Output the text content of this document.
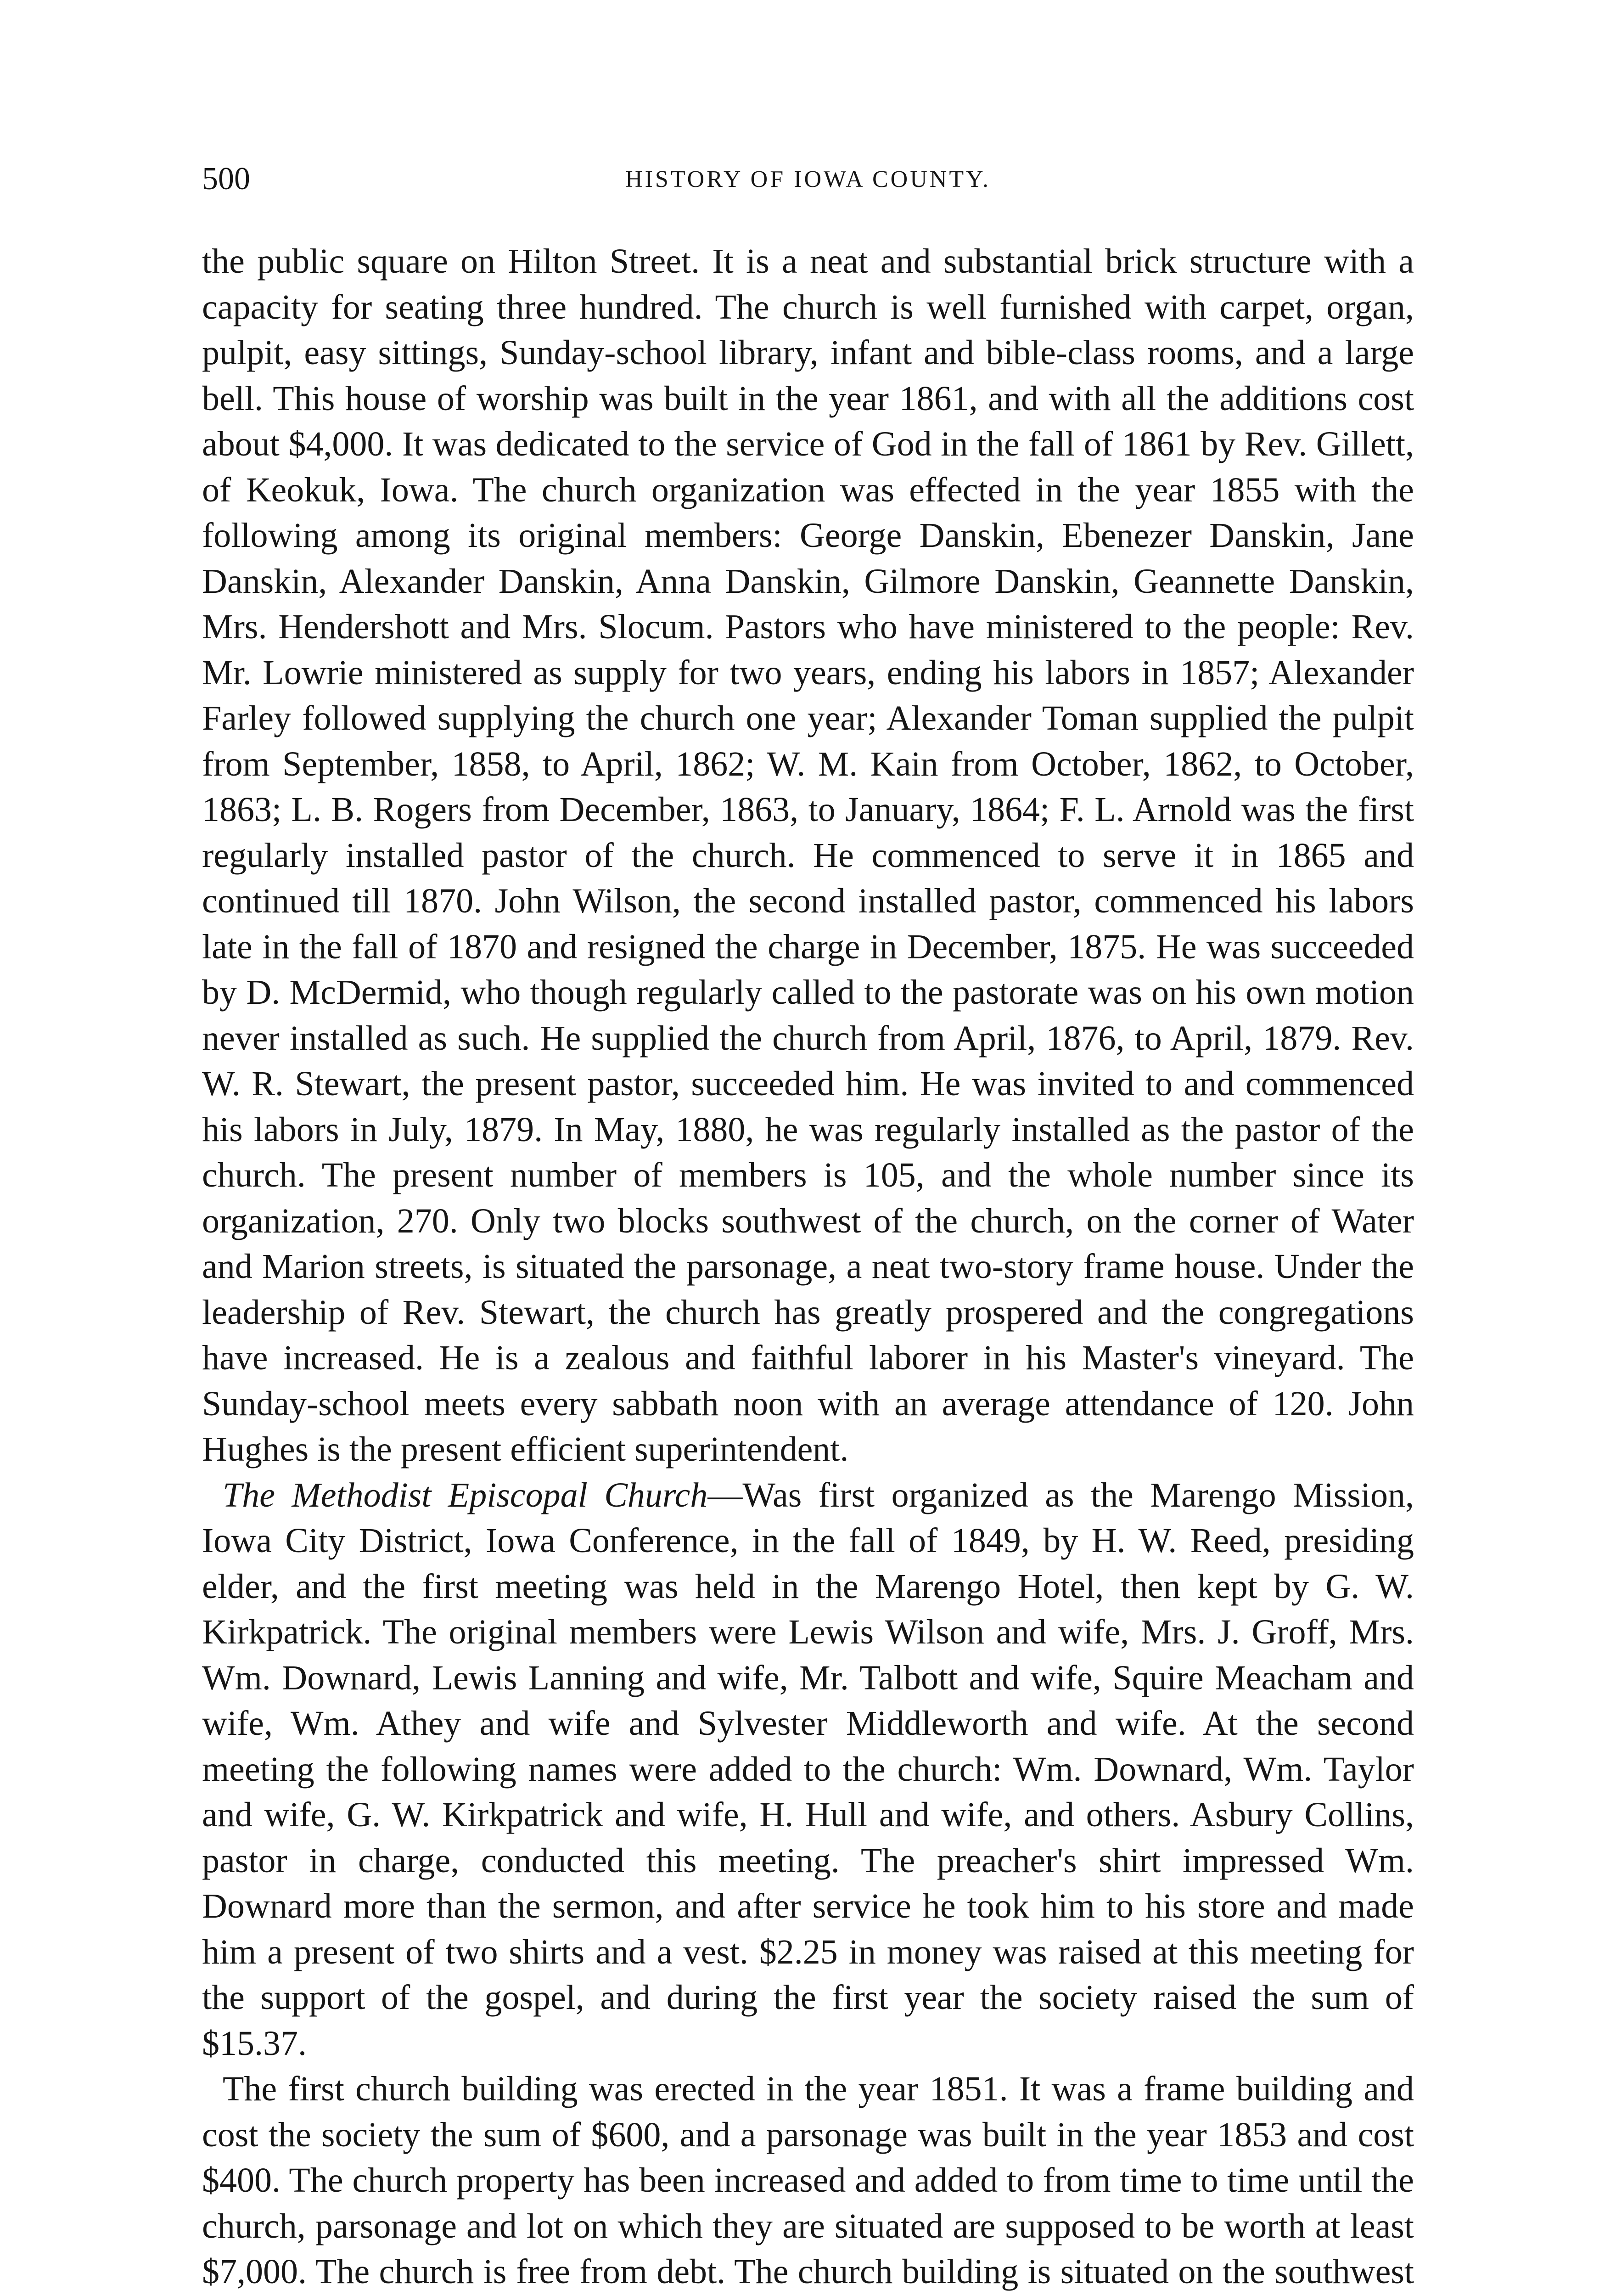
500	HISTORY OF IOWA COUNTY.

the public square on Hilton Street. It is a neat and substantial brick structure with a capacity for seating three hundred. The church is well furnished with carpet, organ, pulpit, easy sittings, Sunday-school library, infant and bible-class rooms, and a large bell. This house of worship was built in the year 1861, and with all the additions cost about $4,000. It was dedicated to the service of God in the fall of 1861 by Rev. Gillett, of Keokuk, Iowa. The church organization was effected in the year 1855 with the following among its original members: George Danskin, Ebenezer Danskin, Jane Danskin, Alexander Danskin, Anna Danskin, Gilmore Danskin, Geannette Danskin, Mrs. Hendershott and Mrs. Slocum. Pastors who have ministered to the people: Rev. Mr. Lowrie ministered as supply for two years, ending his labors in 1857; Alexander Farley followed supplying the church one year; Alexander Toman supplied the pulpit from September, 1858, to April, 1862; W. M. Kain from October, 1862, to October, 1863; L. B. Rogers from December, 1863, to January, 1864; F. L. Arnold was the first regularly installed pastor of the church. He commenced to serve it in 1865 and continued till 1870. John Wilson, the second installed pastor, commenced his labors late in the fall of 1870 and resigned the charge in December, 1875. He was succeeded by D. McDermid, who though regularly called to the pastorate was on his own motion never installed as such. He supplied the church from April, 1876, to April, 1879. Rev. W. R. Stewart, the present pastor, succeeded him. He was invited to and commenced his labors in July, 1879. In May, 1880, he was regularly installed as the pastor of the church. The present number of members is 105, and the whole number since its organization, 270. Only two blocks southwest of the church, on the corner of Water and Marion streets, is situated the parsonage, a neat two-story frame house. Under the leadership of Rev. Stewart, the church has greatly prospered and the congregations have increased. He is a zealous and faithful laborer in his Master's vineyard. The Sunday-school meets every sabbath noon with an average attendance of 120. John Hughes is the present efficient superintendent.

The Methodist Episcopal Church—Was first organized as the Marengo Mission, Iowa City District, Iowa Conference, in the fall of 1849, by H. W. Reed, presiding elder, and the first meeting was held in the Marengo Hotel, then kept by G. W. Kirkpatrick. The original members were Lewis Wilson and wife, Mrs. J. Groff, Mrs. Wm. Downard, Lewis Lanning and wife, Mr. Talbott and wife, Squire Meacham and wife, Wm. Athey and wife and Sylvester Middleworth and wife. At the second meeting the following names were added to the church: Wm. Downard, Wm. Taylor and wife, G. W. Kirkpatrick and wife, H. Hull and wife, and others. Asbury Collins, pastor in charge, conducted this meeting. The preacher's shirt impressed Wm. Downard more than the sermon, and after service he took him to his store and made him a present of two shirts and a vest. $2.25 in money was raised at this meeting for the support of the gospel, and during the first year the society raised the sum of $15.37.

The first church building was erected in the year 1851. It was a frame building and cost the society the sum of $600, and a parsonage was built in the year 1853 and cost $400. The church property has been increased and added to from time to time until the church, parsonage and lot on which they are situated are supposed to be worth at least $7,000. The church is free from debt. The church building is situated on the southwest
